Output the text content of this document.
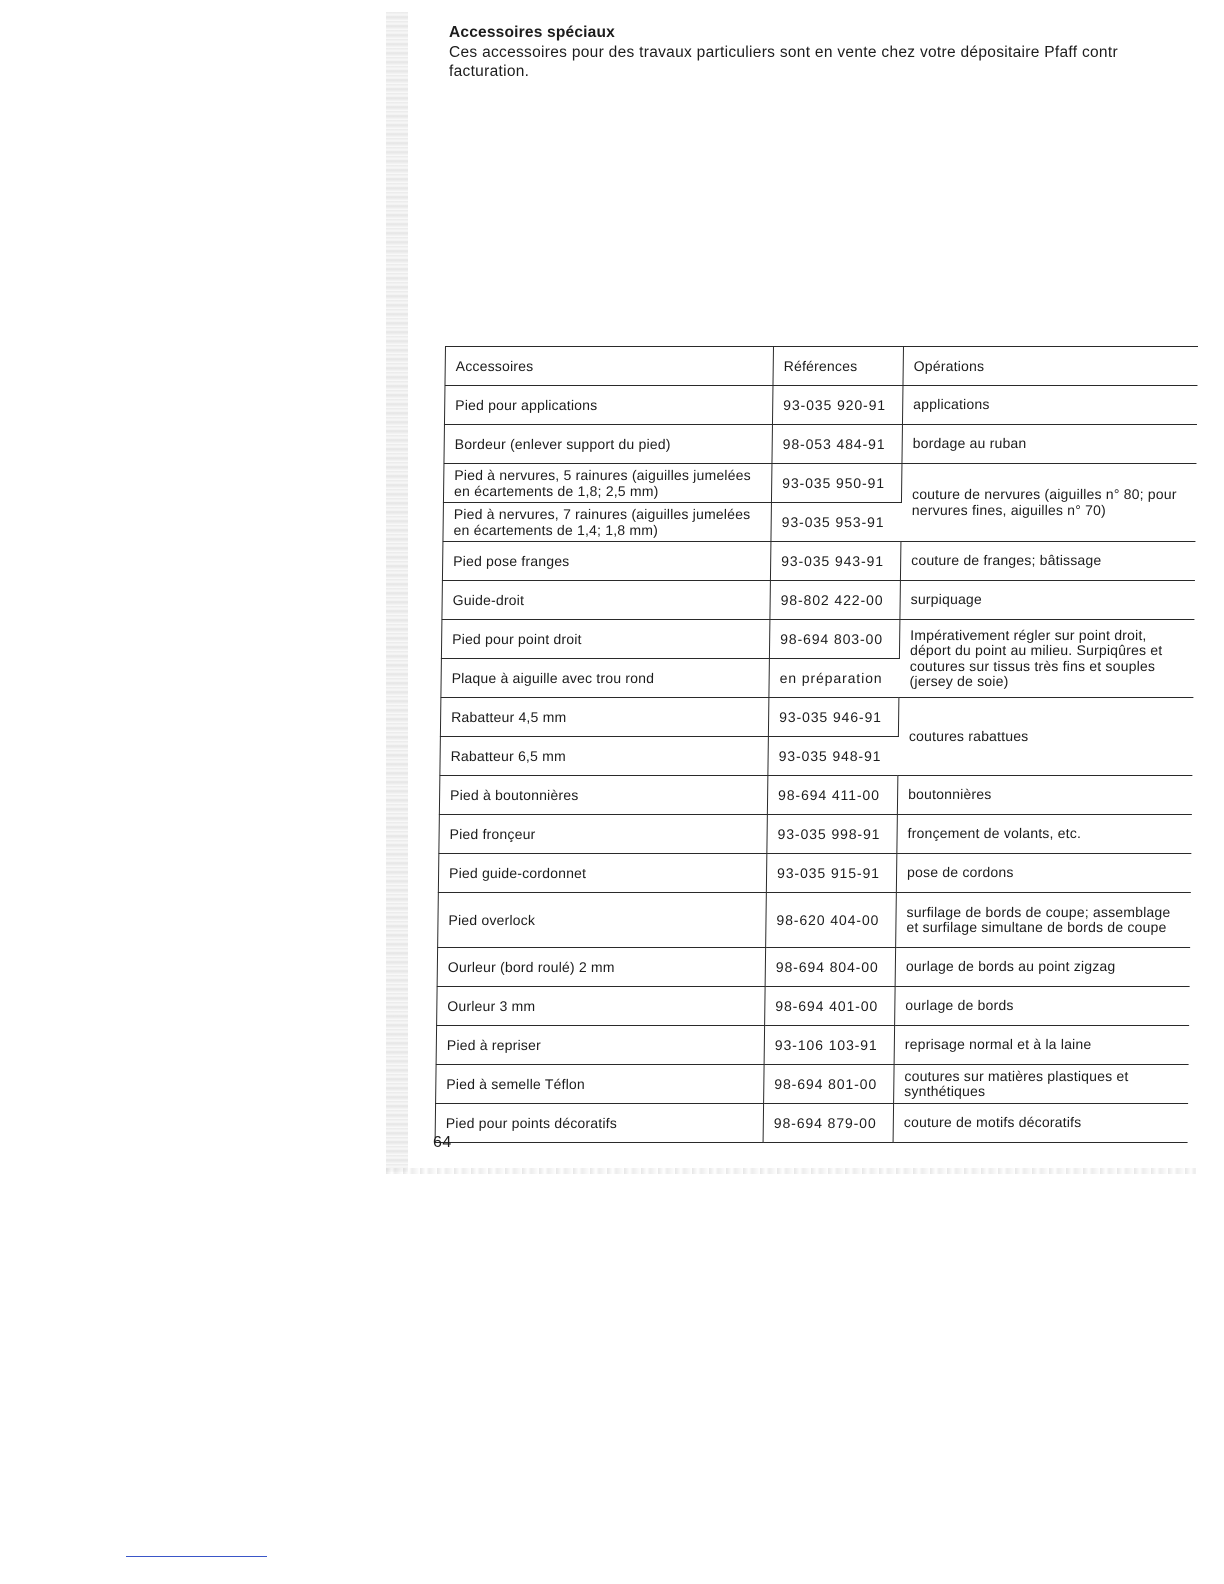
Accessoires spéciaux
Ces accessoires pour des travaux particuliers sont en vente chez votre dépositaire Pfaff contr
facturation.
Accessoires	Références	Opérations
Pied pour applications	93-035 920-91	applications
Bordeur (enlever support du pied)	98-053 484-91	bordage au ruban
Pied à nervures, 5 rainures (aiguilles jumelées en écartements de 1,8; 2,5 mm)	93-035 950-91	couture de nervures (aiguilles n° 80; pour nervures fines, aiguilles n° 70)
Pied à nervures, 7 rainures (aiguilles jumelées en écartements de 1,4; 1,8 mm)	93-035 953-91	
Pied pose franges	93-035 943-91	couture de franges; bâtissage
Guide-droit	98-802 422-00	surpiquage
Pied pour point droit	98-694 803-00	Impérativement régler sur point droit, déport du point au milieu. Surpiqûres et coutures sur tissus très fins et souples (jersey de soie)
Plaque à aiguille avec trou rond	en préparation	
Rabatteur 4,5 mm	93-035 946-91	coutures rabattues
Rabatteur 6,5 mm	93-035 948-91	
Pied à boutonnières	98-694 411-00	boutonnières
Pied fronçeur	93-035 998-91	fronçement de volants, etc.
Pied guide-cordonnet	93-035 915-91	pose de cordons
Pied overlock	98-620 404-00	surfilage de bords de coupe; assemblage et surfilage simultane de bords de coupe
Ourleur (bord roulé) 2 mm	98-694 804-00	ourlage de bords au point zigzag
Ourleur 3 mm	98-694 401-00	ourlage de bords
Pied à repriser	93-106 103-91	reprisage normal et à la laine
Pied à semelle Téflon	98-694 801-00	coutures sur matières plastiques et synthétiques
Pied pour points décoratifs	98-694 879-00	couture de motifs décoratifs
64
